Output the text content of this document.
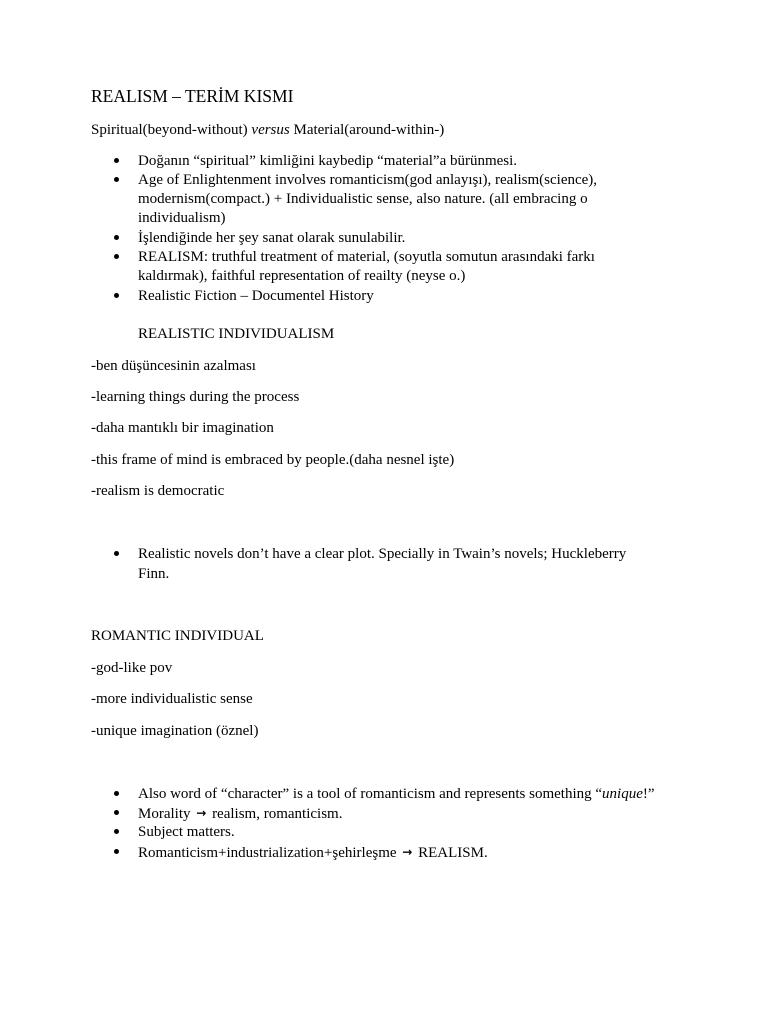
REALISM – TERİM KISMI
Spiritual(beyond-without) versus Material(around-within-)
Doğanın “spiritual” kimliğini kaybedip “material”a bürünmesi.
Age of Enlightenment involves romanticism(god anlayışı), realism(science),
modernism(compact.) + Individualistic sense, also nature. (all embracing o
individualism)
İşlendiğinde her şey sanat olarak sunulabilir.
REALISM: truthful treatment of material, (soyutla somutun arasındaki farkı
kaldırmak), faithful representation of reailty (neyse o.)
Realistic Fiction – Documentel History
REALISTIC INDIVIDUALISM
-ben düşüncesinin azalması
-learning things during the process
-daha mantıklı bir imagination
-this frame of mind is embraced by people.(daha nesnel işte)
-realism is democratic
Realistic novels don’t have a clear plot. Specially in Twain’s novels; Huckleberry
Finn.
ROMANTIC INDIVIDUAL
-god-like pov
-more individualistic sense
-unique imagination (öznel)
Also word of “character” is a tool of romanticism and represents something “unique!”
Morality → realism, romanticism.
Subject matters.
Romanticism+industrialization+şehirleşme → REALISM.
